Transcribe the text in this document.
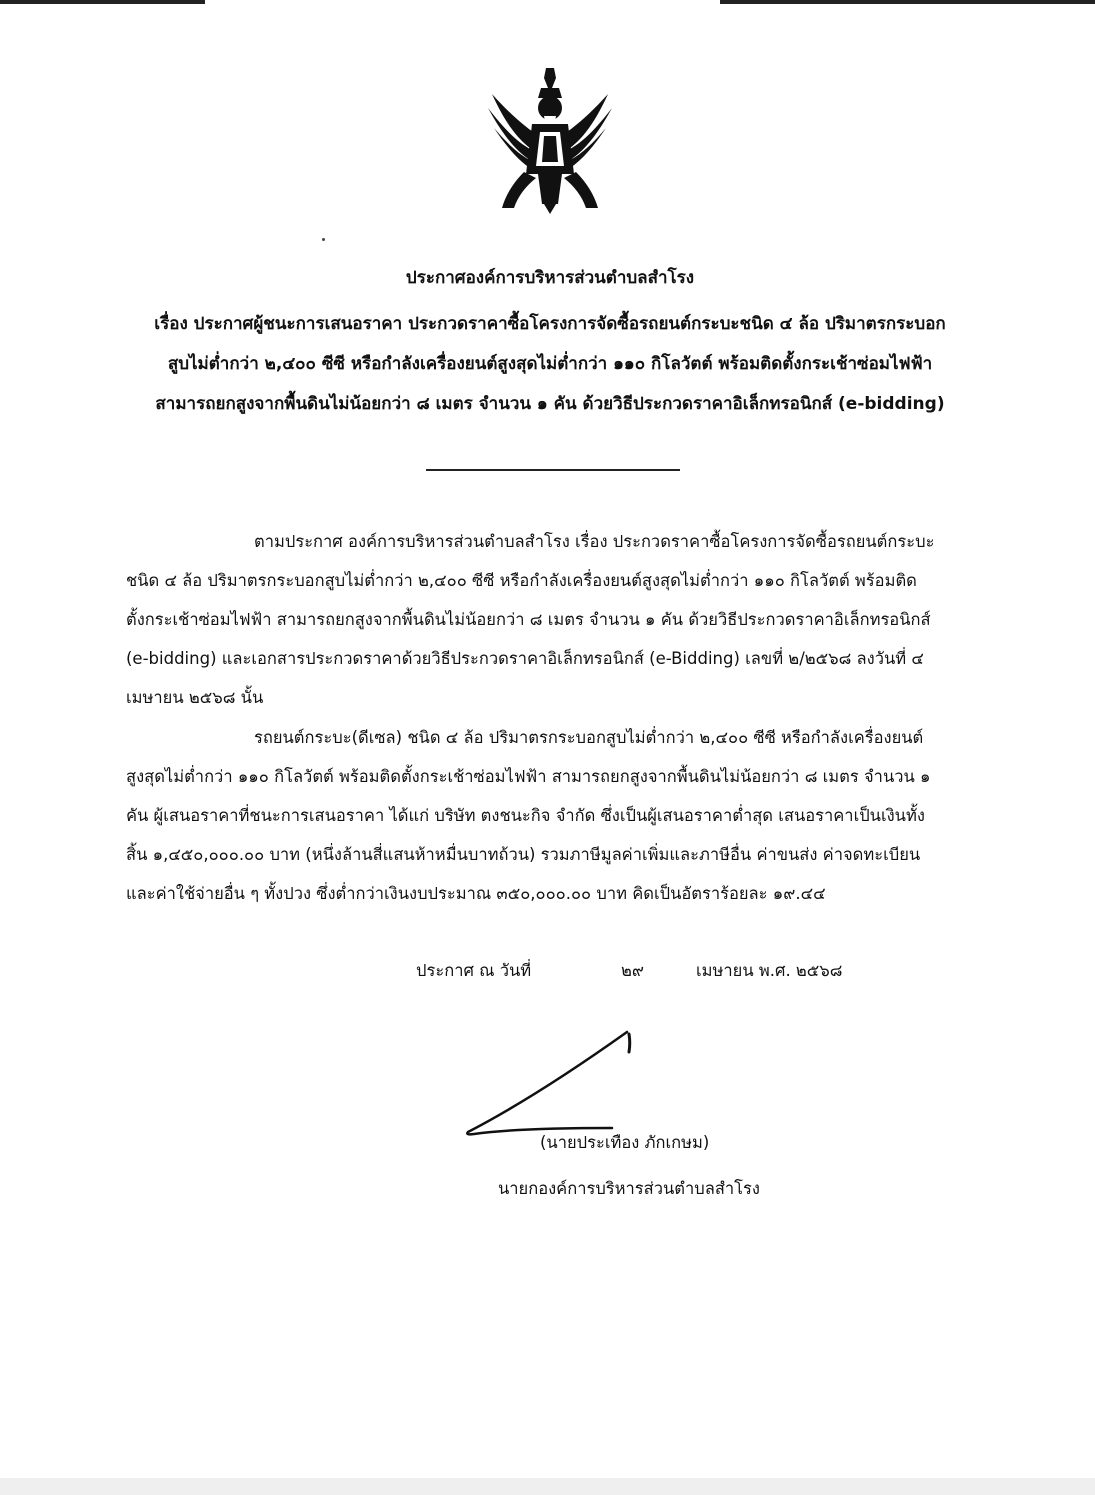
ประกาศองค์การบริหารส่วนตำบลสำโรง
เรื่อง ประกาศผู้ชนะการเสนอราคา ประกวดราคาซื้อโครงการจัดซื้อรถยนต์กระบะชนิด ๔ ล้อ ปริมาตรกระบอก
สูบไม่ต่ำกว่า ๒,๔๐๐ ซีซี หรือกำลังเครื่องยนต์สูงสุดไม่ต่ำกว่า ๑๑๐ กิโลวัตต์ พร้อมติดตั้งกระเช้าซ่อมไฟฟ้า
สามารถยกสูงจากพื้นดินไม่น้อยกว่า ๘ เมตร จำนวน ๑ คัน ด้วยวิธีประกวดราคาอิเล็กทรอนิกส์ (e-bidding)
ตามประกาศ องค์การบริหารส่วนตำบลสำโรง เรื่อง ประกวดราคาซื้อโครงการจัดซื้อรถยนต์กระบะ
ชนิด ๔ ล้อ ปริมาตรกระบอกสูบไม่ต่ำกว่า ๒,๔๐๐ ซีซี หรือกำลังเครื่องยนต์สูงสุดไม่ต่ำกว่า ๑๑๐ กิโลวัตต์ พร้อมติด
ตั้งกระเช้าซ่อมไฟฟ้า สามารถยกสูงจากพื้นดินไม่น้อยกว่า ๘ เมตร จำนวน ๑ คัน ด้วยวิธีประกวดราคาอิเล็กทรอนิกส์
(e-bidding) และเอกสารประกวดราคาด้วยวิธีประกวดราคาอิเล็กทรอนิกส์ (e-Bidding) เลขที่ ๒/๒๕๖๘ ลงวันที่ ๔
เมษายน ๒๕๖๘ นั้น
รถยนต์กระบะ(ดีเซล) ชนิด ๔ ล้อ ปริมาตรกระบอกสูบไม่ต่ำกว่า ๒,๔๐๐ ซีซี หรือกำลังเครื่องยนต์
สูงสุดไม่ต่ำกว่า ๑๑๐ กิโลวัตต์ พร้อมติดตั้งกระเช้าซ่อมไฟฟ้า สามารถยกสูงจากพื้นดินไม่น้อยกว่า ๘ เมตร จำนวน ๑
คัน ผู้เสนอราคาที่ชนะการเสนอราคา ได้แก่ บริษัท ตงชนะกิจ จำกัด ซึ่งเป็นผู้เสนอราคาต่ำสุด เสนอราคาเป็นเงินทั้ง
สิ้น ๑,๔๕๐,๐๐๐.๐๐ บาท (หนึ่งล้านสี่แสนห้าหมื่นบาทถ้วน) รวมภาษีมูลค่าเพิ่มและภาษีอื่น ค่าขนส่ง ค่าจดทะเบียน
และค่าใช้จ่ายอื่น ๆ ทั้งปวง ซึ่งต่ำกว่าเงินงบประมาณ ๓๕๐,๐๐๐.๐๐ บาท คิดเป็นอัตราร้อยละ ๑๙.๔๔
ประกาศ ณ วันที่	๒๙	เมษายน พ.ศ. ๒๕๖๘
(นายประเทือง ภักเกษม)
นายกองค์การบริหารส่วนตำบลสำโรง
